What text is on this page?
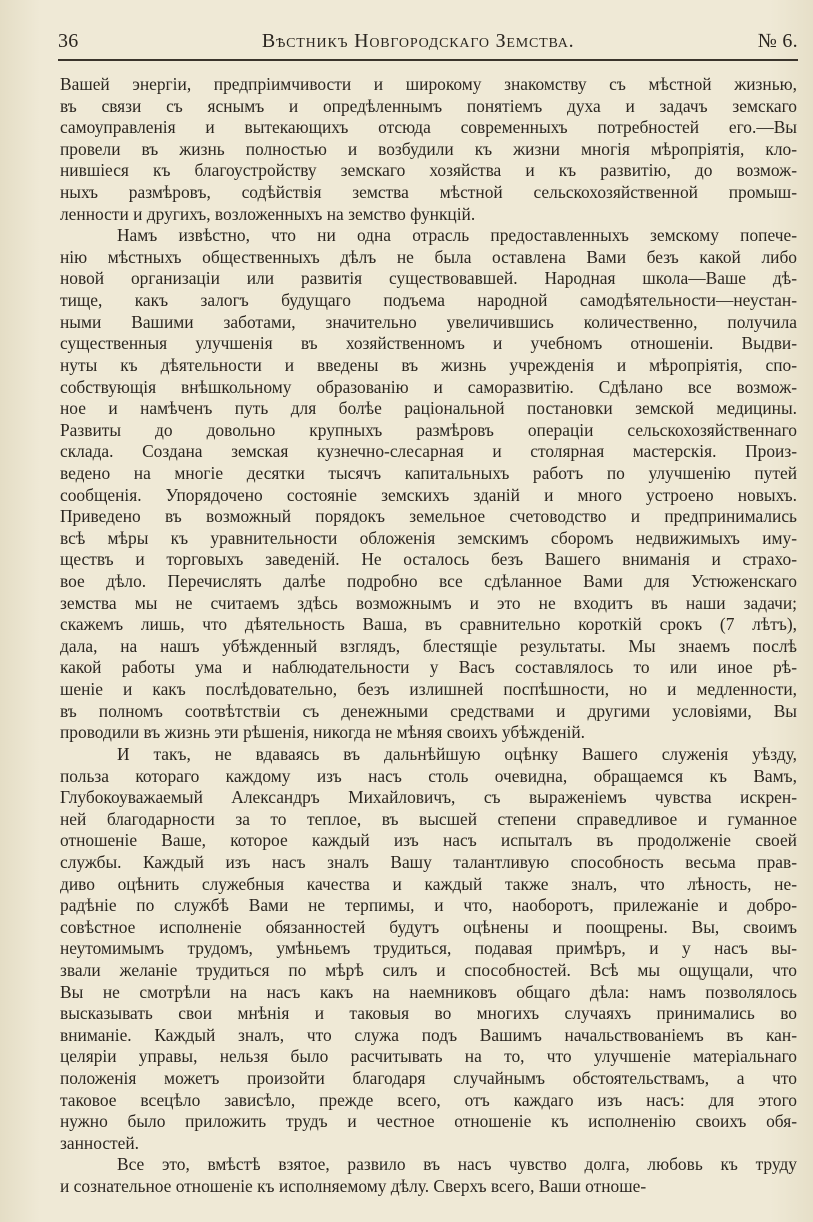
36	Вѣстникъ Новгородскаго Земства.	№ 6.
Вашей энергіи, предпріимчивости и широкому знакомству съ мѣстной жизнью,
въ связи съ яснымъ и опредѣленнымъ понятіемъ духа и задачъ земскаго
самоуправленія и вытекающихъ отсюда современныхъ потребностей его.—Вы
провели въ жизнь полностью и возбудили къ жизни многія мѣропріятія, кло-
нившіеся къ благоустройству земскаго хозяйства и къ развитію, до возмож-
ныхъ размѣровъ, содѣйствія земства мѣстной сельскохозяйственной промыш-
ленности и другихъ, возложенныхъ на земство функцій.
Намъ извѣстно, что ни одна отрасль предоставленныхъ земскому попече-
нію мѣстныхъ общественныхъ дѣлъ не была оставлена Вами безъ какой либо
новой организаціи или развитія существовавшей. Народная школа—Ваше дѣ-
тище, какъ залогъ будущаго подъема народной самодѣятельности—неустан-
ными Вашими заботами, значительно увеличившись количественно, получила
существенныя улучшенія въ хозяйственномъ и учебномъ отношеніи. Выдви-
нуты къ дѣятельности и введены въ жизнь учрежденія и мѣропріятія, спо-
собствующія внѣшкольному образованію и саморазвитію. Сдѣлано все возмож-
ное и намѣченъ путь для болѣе раціональной постановки земской медицины.
Развиты до довольно крупныхъ размѣровъ операціи сельскохозяйственнаго
склада. Создана земская кузнечно-слесарная и столярная мастерскія. Произ-
ведено на многіе десятки тысячъ капитальныхъ работъ по улучшенію путей
сообщенія. Упорядочено состояніе земскихъ зданій и много устроено новыхъ.
Приведено въ возможный порядокъ земельное счетоводство и предпринимались
всѣ мѣры къ уравнительности обложенія земскимъ сборомъ недвижимыхъ иму-
ществъ и торговыхъ заведеній. Не осталось безъ Вашего вниманія и страхо-
вое дѣло. Перечислять далѣе подробно все сдѣланное Вами для Устюженскаго
земства мы не считаемъ здѣсь возможнымъ и это не входитъ въ наши задачи;
скажемъ лишь, что дѣятельность Ваша, въ сравнительно короткій срокъ (7 лѣтъ),
дала, на нашъ убѣжденный взглядъ, блестящіе результаты. Мы знаемъ послѣ
какой работы ума и наблюдательности у Васъ составлялось то или иное рѣ-
шеніе и какъ послѣдовательно, безъ излишней поспѣшности, но и медленности,
въ полномъ соотвѣтствіи съ денежными средствами и другими условіями, Вы
проводили въ жизнь эти рѣшенія, никогда не мѣняя своихъ убѣжденій.
И такъ, не вдаваясь въ дальнѣйшую оцѣнку Вашего служенія уѣзду,
польза котораго каждому изъ насъ столь очевидна, обращаемся къ Вамъ,
Глубокоуважаемый Александръ Михайловичъ, съ выраженіемъ чувства искрен-
ней благодарности за то теплое, въ высшей степени справедливое и гуманное
отношеніе Ваше, которое каждый изъ насъ испыталъ въ продолженіе своей
службы. Каждый изъ насъ зналъ Вашу талантливую способность весьма прав-
диво оцѣнить служебныя качества и каждый также зналъ, что лѣность, не-
радѣніе по службѣ Вами не терпимы, и что, наоборотъ, прилежаніе и добро-
совѣстное исполненіе обязанностей будутъ оцѣнены и поощрены. Вы, своимъ
неутомимымъ трудомъ, умѣньемъ трудиться, подавая примѣръ, и у насъ вы-
звали желаніе трудиться по мѣрѣ силъ и способностей. Всѣ мы ощущали, что
Вы не смотрѣли на насъ какъ на наемниковъ общаго дѣла: намъ позволялось
высказывать свои мнѣнія и таковыя во многихъ случаяхъ принимались во
вниманіе. Каждый зналъ, что служа подъ Вашимъ начальствованіемъ въ кан-
целяріи управы, нельзя было расчитывать на то, что улучшеніе матеріальнаго
положенія можетъ произойти благодаря случайнымъ обстоятельствамъ, а что
таковое всецѣло зависѣло, прежде всего, отъ каждаго изъ насъ: для этого
нужно было приложить трудъ и честное отношеніе къ исполненію своихъ обя-
занностей.
Все это, вмѣстѣ взятое, развило въ насъ чувство долга, любовь къ труду
и сознательное отношеніе къ исполняемому дѣлу. Сверхъ всего, Ваши отноше-
